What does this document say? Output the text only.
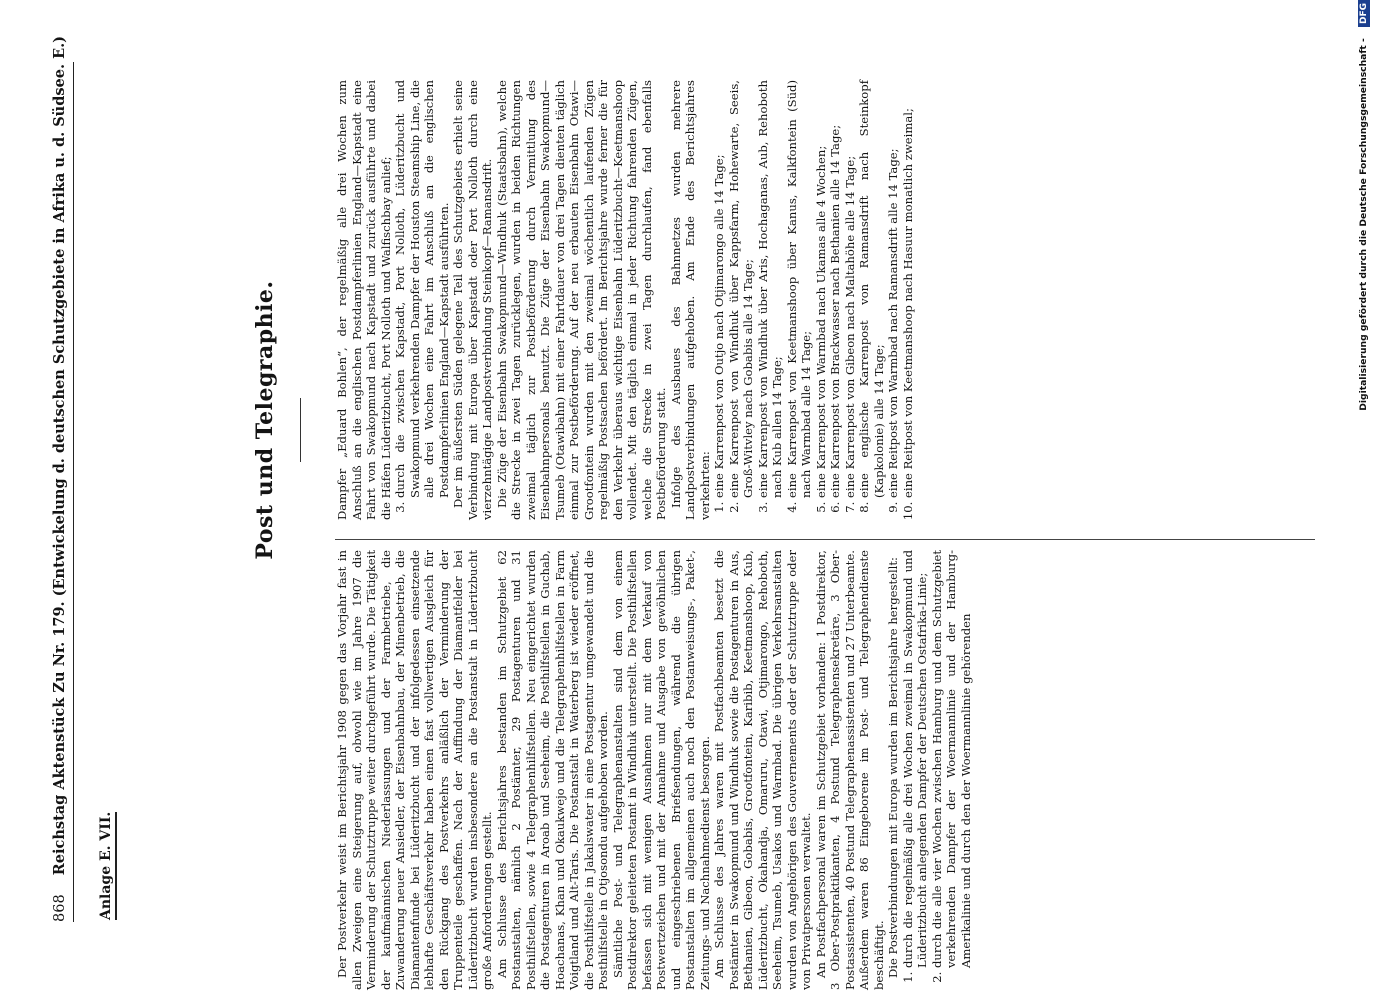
868 Reichstag Aktenstück Zu Nr. 179. (Entwickelung d. deutschen Schutzgebiete in Afrika u. d. Südsee. E.)	Anlage E. VII.
Post und Telegraphie.

Der Postverkehr weist im Berichtsjahr 1908 gegen das Vorjahr fast in allen Zweigen eine Steigerung auf, obwohl wie im Jahre 1907 die Verminderung der Schutztruppe weiter durchgeführt wurde. Die Tätigkeit der kaufmännischen Niederlassungen und der Farmbetriebe, die Zuwanderung neuer Ansiedler, der Eisenbahnbau, der Minenbetrieb, die Diamantenfunde bei Lüderitzbucht und der infolgedessen einsetzende lebhafte Geschäftsverkehr haben einen fast vollwertigen Ausgleich für den Rückgang des Postverkehrs anläßlich der Verminderung der Truppenteile geschaffen. Nach der Auffindung der Diamantfelder bei Lüderitzbucht wurden insbesondere an die Postanstalt in Lüderitzbucht große Anforderungen gestellt. Am Schlusse des Berichtsjahres bestanden im Schutzgebiet 62 Postanstalten, nämlich 2 Postämter, 29 Postagenturen und 31 Posthilfstellen, sowie 4 Telegraphenhilfstellen. Neu eingerichtet wurden die Postagenturen in Aroab und Seeheim, die Posthilfstellen in Guchab, Hoachanas, Khan und Okaukwejo und die Telegraphenhilfstellen in Farm Voigtland und Alt-Taris. Die Postanstalt in Waterberg ist wieder eröffnet, die Posthilfstelle in Jakalswater in eine Postagentur umgewandelt und die Posthilfstelle in Otjosondu aufgehoben worden. Sämtliche Post- und Telegraphenanstalten sind dem von einem Postdirektor geleiteten Postamt in Windhuk unterstellt. Die Posthilfstellen befassen sich mit wenigen Ausnahmen nur mit dem Verkauf von Postwertzeichen und mit der Annahme und Ausgabe von gewöhnlichen und eingeschriebenen Briefsendungen, während die übrigen Postanstalten im allgemeinen auch noch den Postanweisungs-, Paket-, Zeitungs- und Nachnahmedienst besorgen. Am Schlusse des Jahres waren mit Postfachbeamten besetzt die Postämter in Swakopmund und Windhuk sowie die Postagenturen in Aus, Bethanien, Gibeon, Gobabis, Grootfontein, Karibib, Keetmanshoop, Kub, Lüderitzbucht, Okahandja, Omaruru, Otawi, Otjimarongo, Rehoboth, Seeheim, Tsumeb, Usakos und Warmbad. Die übrigen Verkehrsanstalten wurden von Angehörigen des Gouvernements oder der Schutztruppe oder von Privatpersonen verwaltet. An Postfachpersonal waren im Schutzgebiet vorhanden: 1 Postdirektor, 3 Ober-Postpraktikanten, 4 Postund Telegraphensekretäre, 3 Ober-Postassistenten, 40 Postund Telegraphenassistenten und 27 Unterbeamte. Außerdem waren 86 Eingeborene im Post- und Telegraphendienste beschäftigt. Die Postverbindungen mit Europa wurden im Berichtsjahre hergestellt: 1. durch die regelmäßig alle drei Wochen zweimal in Swakopmund und Lüderitzbucht anlegenden Dampfer der Deutschen Ostafrika-Linie; 2. durch die alle vier Wochen zwischen Hamburg und dem Schutzgebiet verkehrenden Dampfer der Woermannlinie und der Hamburg-Amerikalinie und durch den der Woermannlinie gehörenden

Dampfer „Eduard Bohlen“, der regelmäßig alle drei Wochen zum Anschluß an die englischen Postdampferlinien England—Kapstadt eine Fahrt von Swakopmund nach Kapstadt und zurück ausführte und dabei die Häfen Lüderitzbucht, Port Nolloth und Walfischbay anlief; 3. durch die zwischen Kapstadt, Port Nolloth, Lüderitzbucht und Swakopmund verkehrenden Dampfer der Houston Steamship Line, die alle drei Wochen eine Fahrt im Anschluß an die englischen Postdampferlinien England—Kapstadt ausführten. Der im äußersten Süden gelegene Teil des Schutzgebiets erhielt seine Verbindung mit Europa über Kapstadt oder Port Nolloth durch eine vierzehntägige Landpostverbindung Steinkopf—Ramansdrift. Die Züge der Eisenbahn Swakopmund—Windhuk (Staatsbahn), welche die Strecke in zwei Tagen zurücklegen, wurden in beiden Richtungen zweimal täglich zur Postbeförderung durch Vermittlung des Eisenbahnpersonals benutzt. Die Züge der Eisenbahn Swakopmund—Tsumeb (Otawibahn) mit einer Fahrtdauer von drei Tagen dienten täglich einmal zur Postbeförderung. Auf der neu erbauten Eisenbahn Otawi—Grootfontein wurden mit den zweimal wöchentlich laufenden Zügen regelmäßig Postsachen befördert. Im Berichtsjahre wurde ferner die für den Verkehr überaus wichtige Eisenbahn Lüderitzbucht—Keetmanshoop vollendet. Mit den täglich einmal in jeder Richtung fahrenden Zügen, welche die Strecke in zwei Tagen durchlaufen, fand ebenfalls Postbeförderung statt. Infolge des Ausbaues des Bahnnetzes wurden mehrere Landpostverbindungen aufgehoben. Am Ende des Berichtsjahres verkehrten: 1. eine Karrenpost von Outjo nach Otjimarongo alle 14 Tage; 2. eine Karrenpost von Windhuk über Kappsfarm, Hohewarte, Seeis, Groß-Witvley nach Gobabis alle 14 Tage; 3. eine Karrenpost von Windhuk über Aris, Hochaganas, Aub, Rehoboth nach Kub allen 14 Tage; 4. eine Karrenpost von Keetmanshoop über Kanus, Kalkfontein (Süd) nach Warmbad alle 14 Tage; 5. eine Karrenpost von Warmbad nach Ukamas alle 4 Wochen; 6. eine Karrenpost von Brackwasser nach Bethanien alle 14 Tage; 7. eine Karrenpost von Gibeon nach Maltahöhe alle 14 Tage; 8. eine englische Karrenpost von Ramansdrift nach Steinkopf (Kapkolonie) alle 14 Tage; 9. eine Reitpost von Warmbad nach Ramansdrift alle 14 Tage; 10. eine Reitpost von Keetmanshoop nach Hasuur monatlich zweimal;	Digitalisierung gefördert durch die Deutsche Forschungsgemeinschaft - DFG
